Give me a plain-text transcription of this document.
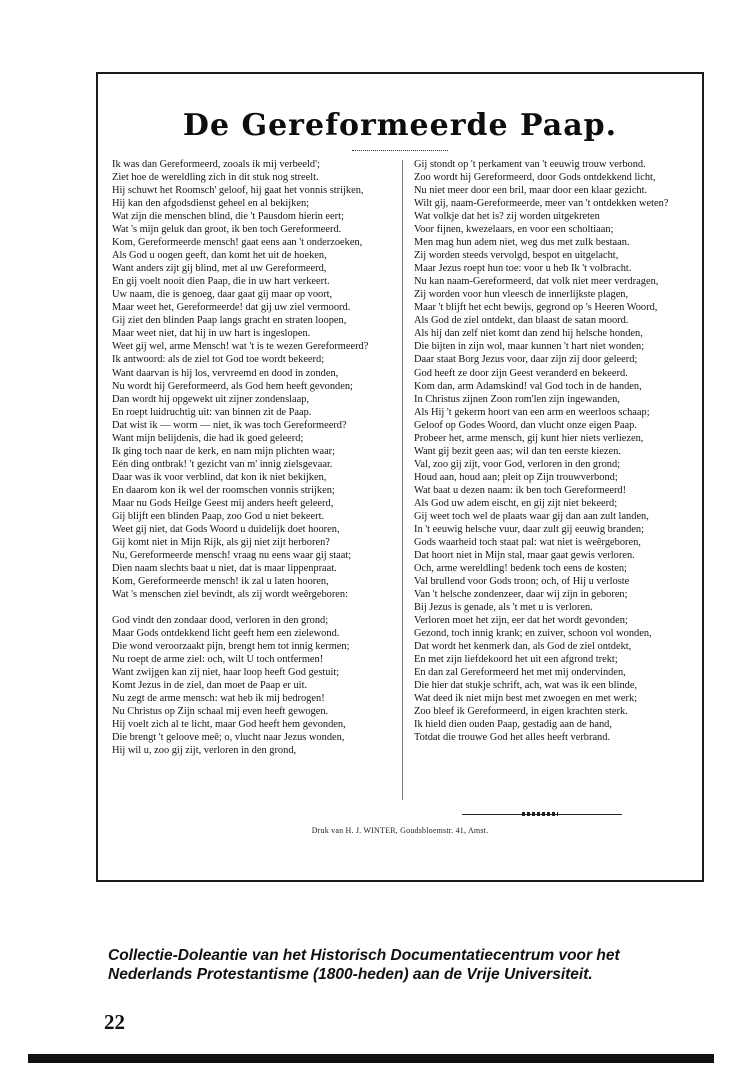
De Gereformeerde Paap.
Ik was dan Gereformeerd, zooals ik mij verbeeld';
Ziet hoe de wereldling zich in dit stuk nog streelt.
Hij schuwt het Roomsch' geloof, hij gaat het vonnis strijken,
Hij kan den afgodsdienst geheel en al bekijken;
Wat zijn die menschen blind, die 't Pausdom hierin eert;
Wat 's mijn geluk dan groot, ik ben toch Gereformeerd.
Kom, Gereformeerde mensch! gaat eens aan 't onderzoeken,
Als God u oogen geeft, dan komt het uit de hoeken,
Want anders zijt gij blind, met al uw Gereformeerd,
En gij voelt nooit dien Paap, die in uw hart verkeert.
Uw naam, die is genoeg, daar gaat gij maar op voort,
Maar weet het, Gereformeerde! dat gij uw ziel vermoord.
Gij ziet den blinden Paap langs gracht en straten loopen,
Maar weet niet, dat hij in uw hart is ingeslopen.
Weet gij wel, arme Mensch! wat 't is te wezen Gereformeerd?
Ik antwoord: als de ziel tot God toe wordt bekeerd;
Want daarvan is hij los, vervreemd en dood in zonden,
Nu wordt hij Gereformeerd, als God hem heeft gevonden;
Dan wordt hij opgewekt uit zijner zondenslaap,
En roept luidruchtig uit: van binnen zit de Paap.
Dat wist ik — worm — niet, ik was toch Gereformeerd?
Want mijn belijdenis, die had ik goed geleerd;
Ik ging toch naar de kerk, en nam mijn plichten waar;
Eén ding ontbrak! 't gezicht van m' innig zielsgevaar.
Daar was ik voor verblind, dat kon ik niet bekijken,
En daarom kon ik wel der roomschen vonnis strijken;
Maar nu Gods Heilge Geest mij anders heeft geleerd,
Gij blijft een blinden Paap, zoo God u niet bekeert.
Weet gij niet, dat Gods Woord u duidelijk doet hooren,
Gij komt niet in Mijn Rijk, als gij niet zijt herboren?
Nu, Gereformeerde mensch! vraag nu eens waar gij staat;
Dien naam slechts baat u niet, dat is maar lippenpraat.
Kom, Gereformeerde mensch! ik zal u laten hooren,
Wat 's menschen ziel bevindt, als zij wordt weêrgeboren:
God vindt den zondaar dood, verloren in den grond;
Maar Gods ontdekkend licht geeft hem een zielewond.
Die wond veroorzaakt pijn, brengt hem tot innig kermen;
Nu roept de arme ziel: och, wilt U toch ontfermen!
Want zwijgen kan zij niet, haar loop heeft God gestuit;
Komt Jezus in de ziel, dan moet de Paap er uit.
Nu zegt de arme mensch: wat heb ik mij bedrogen!
Nu Christus op Zijn schaal mij even heeft gewogen.
Hij voelt zich al te licht, maar God heeft hem gevonden,
Die brengt 't geloove meê; o, vlucht naar Jezus wonden,
Hij wil u, zoo gij zijt, verloren in den grond,
Gij stondt op 't perkament van 't eeuwig trouw verbond.
Zoo wordt hij Gereformeerd, door Gods ontdekkend licht,
Nu niet meer door een bril, maar door een klaar gezicht.
Wilt gij, naam-Gereformeerde, meer van 't ontdekken weten?
Wat volkje dat het is? zij worden uitgekreten
Voor fijnen, kwezelaars, en voor een scholtiaan;
Men mag hun adem niet, weg dus met zulk bestaan.
Zij worden steeds vervolgd, bespot en uitgelacht,
Maar Jezus roept hun toe: voor u heb Ik 't volbracht.
Nu kan naam-Gereformeerd, dat volk niet meer verdragen,
Zij worden voor hun vleesch de innerlijkste plagen,
Maar 't blijft het echt bewijs, gegrond op 's Heeren Woord,
Als God de ziel ontdekt, dan blaast de satan moord.
Als hij dan zelf niet komt dan zend hij helsche honden,
Die bijten in zijn wol, maar kunnen 't hart niet wonden;
Daar staat Borg Jezus voor, daar zijn zij door geleerd;
God heeft ze door zijn Geest veranderd en bekeerd.
Kom dan, arm Adamskind! val God toch in de handen,
In Christus zijnen Zoon rom'len zijn ingewanden,
Als Hij 't gekerm hoort van een arm en weerloos schaap;
Geloof op Godes Woord, dan vlucht onze eigen Paap.
Probeer het, arme mensch, gij kunt hier niets verliezen,
Want gij bezit geen aas; wil dan ten eerste kiezen.
Val, zoo gij zijt, voor God, verloren in den grond;
Houd aan, houd aan; pleit op Zijn trouwverbond;
Wat baat u dezen naam: ik ben toch Gereformeerd!
Als God uw adem eischt, en gij zijt niet bekeerd;
Gij weet toch wel de plaats waar gij dan aan zult landen,
In 't eeuwig helsche vuur, daar zult gij eeuwig branden;
Gods waarheid toch staat pal: wat niet is weêrgeboren,
Dat hoort niet in Mijn stal, maar gaat gewis verloren.
Och, arme wereldling! bedenk toch eens de kosten;
Val brullend voor Gods troon; och, of Hij u verloste
Van 't helsche zondenzeer, daar wij zijn in geboren;
Bij Jezus is genade, als 't met u is verloren.
Verloren moet het zijn, eer dat het wordt gevonden;
Gezond, toch innig krank; en zuiver, schoon vol wonden,
Dat wordt het kenmerk dan, als God de ziel ontdekt,
En met zijn liefdekoord het uit een afgrond trekt;
En dan zal Gereformeerd het met mij ondervinden,
Die hier dat stukje schrift, ach, wat was ik een blinde,
Wat deed ik niet mijn best met zwoegen en met werk;
Zoo bleef ik Gereformeerd, in eigen krachten sterk.
Ik hield dien ouden Paap, gestadig aan de hand,
Totdat die trouwe God het alles heeft verbrand.
Druk van H. J. WINTER, Goudsbloemstr. 41, Amst.
Collectie-Doleantie van het Historisch Documentatiecentrum voor het Nederlands Protestantisme (1800-heden) aan de Vrije Universiteit.
22
